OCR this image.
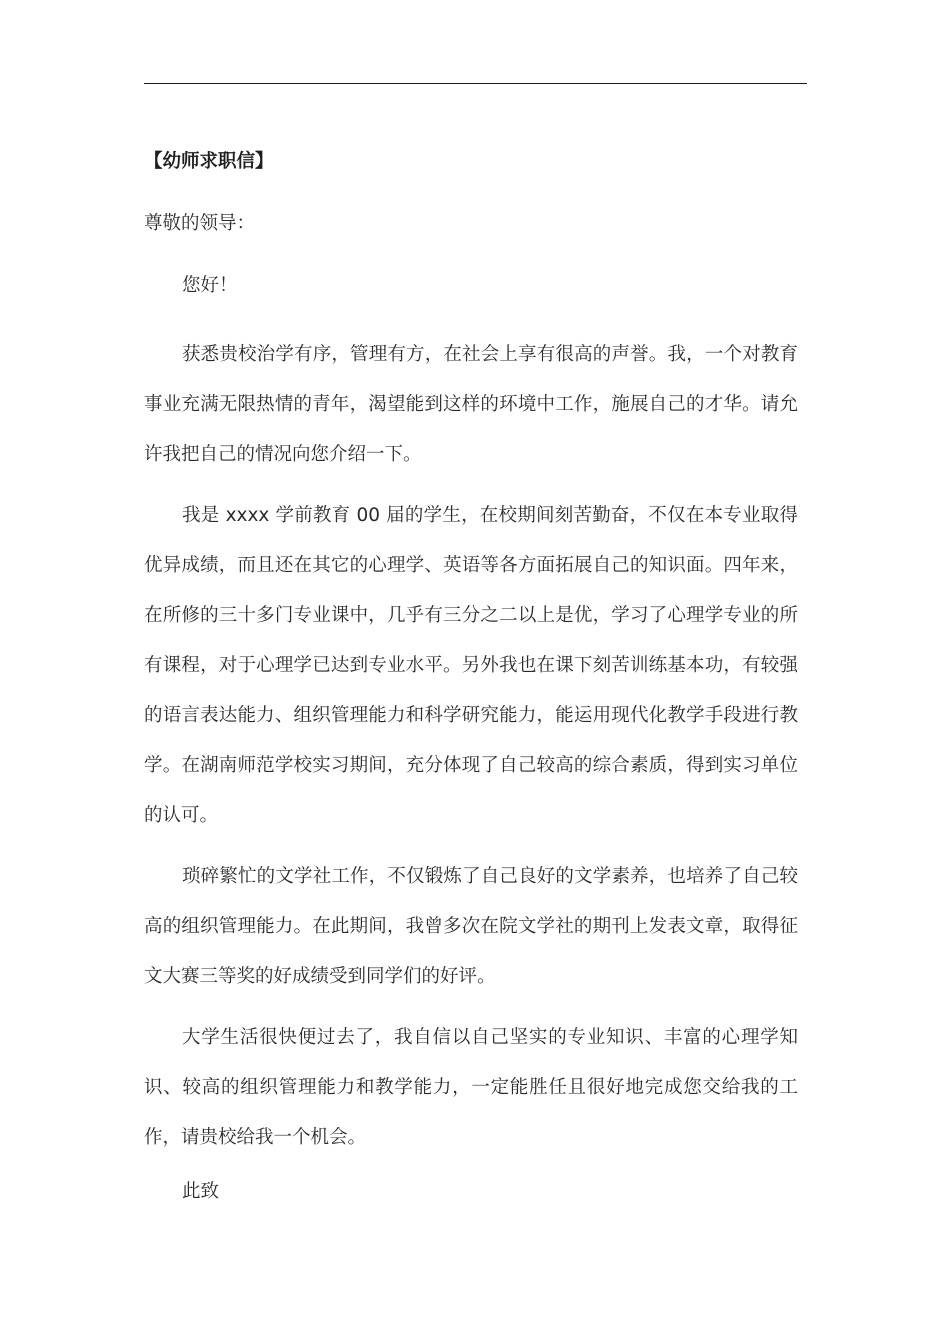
【幼师求职信】
尊敬的领导：
您好！
获悉贵校治学有序，管理有方，在社会上享有很高的声誉。我，一个对教育事业充满无限热情的青年，渴望能到这样的环境中工作，施展自己的才华。请允许我把自己的情况向您介绍一下。
我是 xxxx 学前教育 00 届的学生，在校期间刻苦勤奋，不仅在本专业取得优异成绩，而且还在其它的心理学、英语等各方面拓展自己的知识面。四年来，在所修的三十多门专业课中，几乎有三分之二以上是优，学习了心理学专业的所有课程，对于心理学已达到专业水平。另外我也在课下刻苦训练基本功，有较强的语言表达能力、组织管理能力和科学研究能力，能运用现代化教学手段进行教学。在湖南师范学校实习期间，充分体现了自己较高的综合素质，得到实习单位的认可。
琐碎繁忙的文学社工作，不仅锻炼了自己良好的文学素养，也培养了自己较高的组织管理能力。在此期间，我曾多次在院文学社的期刊上发表文章，取得征文大赛三等奖的好成绩受到同学们的好评。
大学生活很快便过去了，我自信以自己坚实的专业知识、丰富的心理学知识、较高的组织管理能力和教学能力，一定能胜任且很好地完成您交给我的工作，请贵校给我一个机会。
此致
